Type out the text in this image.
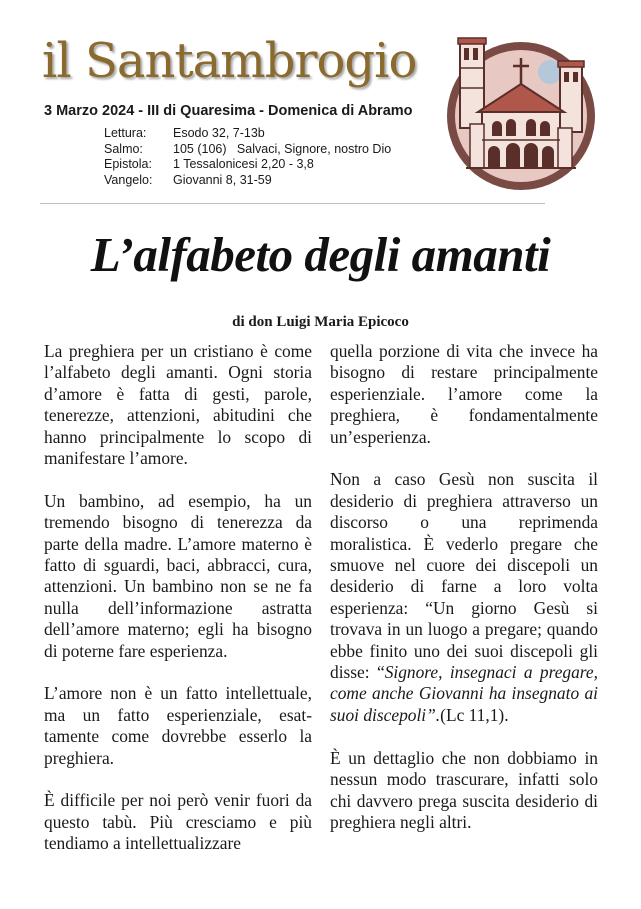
il Santambrogio
3 Marzo 2024 - III di Quaresima - Domenica di Abramo
Lettura:	Esodo 32, 7-13b
Salmo:	105 (106)   Salvaci, Signore, nostro Dio
Epistola:	1 Tessalonicesi 2,20 - 3,8
Vangelo:	Giovanni 8, 31-59
L’alfabeto degli amanti
di don Luigi Maria Epicoco

La preghiera per un cristiano è come l’alfabeto degli amanti. Ogni storia d’amore è fatta di gesti, parole, tenerezze, attenzioni, abitudini che hanno principalmente lo scopo di manifestare l’amore.

Un bambino, ad esempio, ha un tremendo bisogno di tenerezza da parte della madre. L’amore materno è fatto di sguardi, baci, abbracci, cura, attenzioni. Un bambino non se ne fa nulla dell’informazione astratta dell’amore materno; egli ha bisogno di poterne fare esperienza.

L’amore non è un fatto intellettuale, ma un fatto esperienziale, esat-tamente come dovrebbe esserlo la preghiera.

È difficile per noi però venir fuori da questo tabù. Più cresciamo e più tendiamo a intellettualizzare

quella porzione di vita che invece ha bisogno di restare principalmente esperienziale. l’amore come la preghiera, è fondamentalmente un’esperienza.

Non a caso Gesù non suscita il desiderio di preghiera attraverso un discorso o una reprimenda moralistica. È vederlo pregare che smuove nel cuore dei discepoli un desiderio di farne a loro volta esperienza: “Un giorno Gesù si trovava in un luogo a pregare; quando ebbe finito uno dei suoi discepoli gli disse: “Signore, insegnaci a pregare, come anche Giovanni ha insegnato ai suoi discepoli”.(Lc 11,1).

È un dettaglio che non dobbiamo in nessun modo trascurare, infatti solo chi davvero prega suscita desiderio di preghiera negli altri.
